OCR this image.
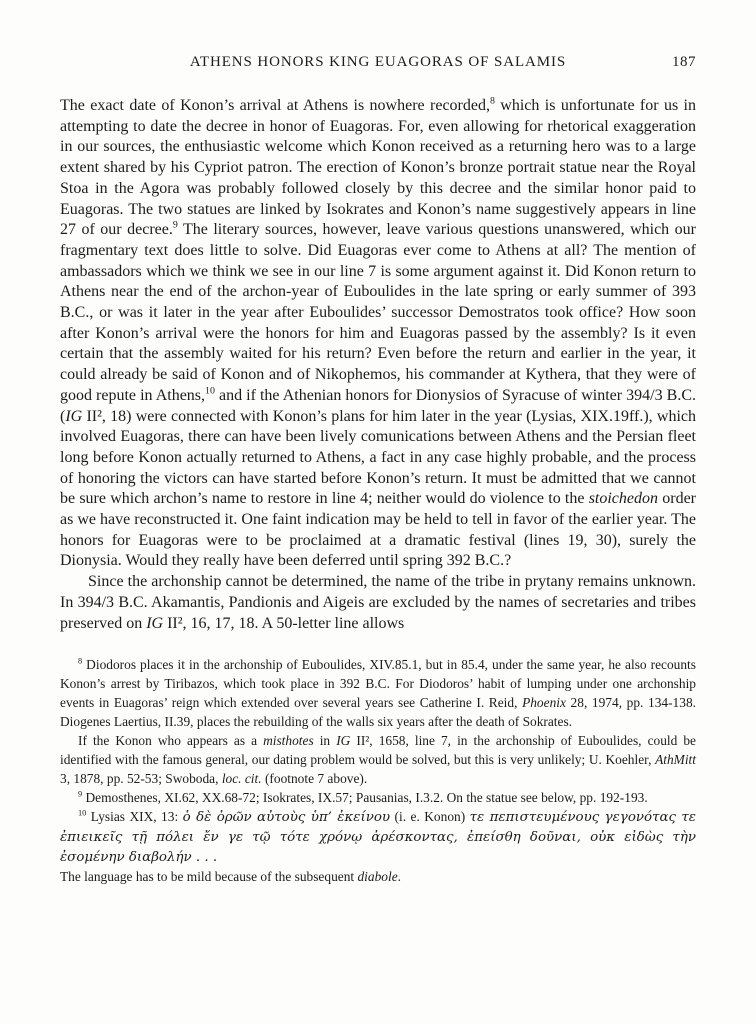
ATHENS HONORS KING EUAGORAS OF SALAMIS	187

The exact date of Konon’s arrival at Athens is nowhere recorded,$^8$ which is unfortunate for us in attempting to date the decree in honor of Euagoras. For, even allowing for rhetorical exaggeration in our sources, the enthusiastic welcome which Konon received as a returning hero was to a large extent shared by his Cypriot patron. The erection of Konon’s bronze portrait statue near the Royal Stoa in the Agora was probably followed closely by this decree and the similar honor paid to Euagoras. The two statues are linked by Isokrates and Konon’s name suggestively appears in line 27 of our decree.$^9$ The literary sources, however, leave various questions unanswered, which our fragmentary text does little to solve. Did Euagoras ever come to Athens at all? The mention of ambassadors which we think we see in our line 7 is some argument against it. Did Konon return to Athens near the end of the archon-year of Euboulides in the late spring or early summer of 393 B.C., or was it later in the year after Euboulides’ successor Demostratos took office? How soon after Konon’s arrival were the honors for him and Euagoras passed by the assembly? Is it even certain that the assembly waited for his return? Even before the return and earlier in the year, it could already be said of Konon and of Nikophemos, his commander at Kythera, that they were of good repute in Athens,$^{10}$ and if the Athenian honors for Dionysios of Syracuse of winter 394/3 B.C. (IG II², 18) were connected with Konon’s plans for him later in the year (Lysias, XIX.19ff.), which involved Euagoras, there can have been lively comunications between Athens and the Persian fleet long before Konon actually returned to Athens, a fact in any case highly probable, and the process of honoring the victors can have started before Konon’s return. It must be admitted that we cannot be sure which archon’s name to restore in line 4; neither would do violence to the stoichedon order as we have reconstructed it. One faint indication may be held to tell in favor of the earlier year. The honors for Euagoras were to be proclaimed at a dramatic festival (lines 19, 30), surely the Dionysia. Would they really have been deferred until spring 392 B.C.?

Since the archonship cannot be determined, the name of the tribe in prytany remains unknown. In 394/3 B.C. Akamantis, Pandionis and Aigeis are excluded by the names of secretaries and tribes preserved on IG II², 16, 17, 18. A 50-letter line allows

$^8$ Diodoros places it in the archonship of Euboulides, XIV.85.1, but in 85.4, under the same year, he also recounts Konon’s arrest by Tiribazos, which took place in 392 B.C. For Diodoros’ habit of lumping under one archonship events in Euagoras’ reign which extended over several years see Catherine I. Reid, Phoenix 28, 1974, pp. 134-138. Diogenes Laertius, II.39, places the rebuilding of the walls six years after the death of Sokrates.

If the Konon who appears as a misthotes in IG II², 1658, line 7, in the archonship of Euboulides, could be identified with the famous general, our dating problem would be solved, but this is very unlikely; U. Koehler, AthMitt 3, 1878, pp. 52-53; Swoboda, loc. cit. (footnote 7 above).

$^9$ Demosthenes, XI.62, XX.68-72; Isokrates, IX.57; Pausanias, I.3.2. On the statue see below, pp. 192-193.

$^{10}$ Lysias XIX, 13: ὁ δὲ ὁρῶν αὐτοὺς ὑπ’ ἐκείνου (i. e. Konon) τε πεπιστευμένους γεγονότας τε ἐπιεικεῖς τῇ πόλει ἔν γε τῷ τότε χρόνῳ ἀρέσκοντας, ἐπείσθη δοῦναι, οὐκ εἰδὼς τὴν ἐσομένην διαβολήν . . .

The language has to be mild because of the subsequent diabole.
